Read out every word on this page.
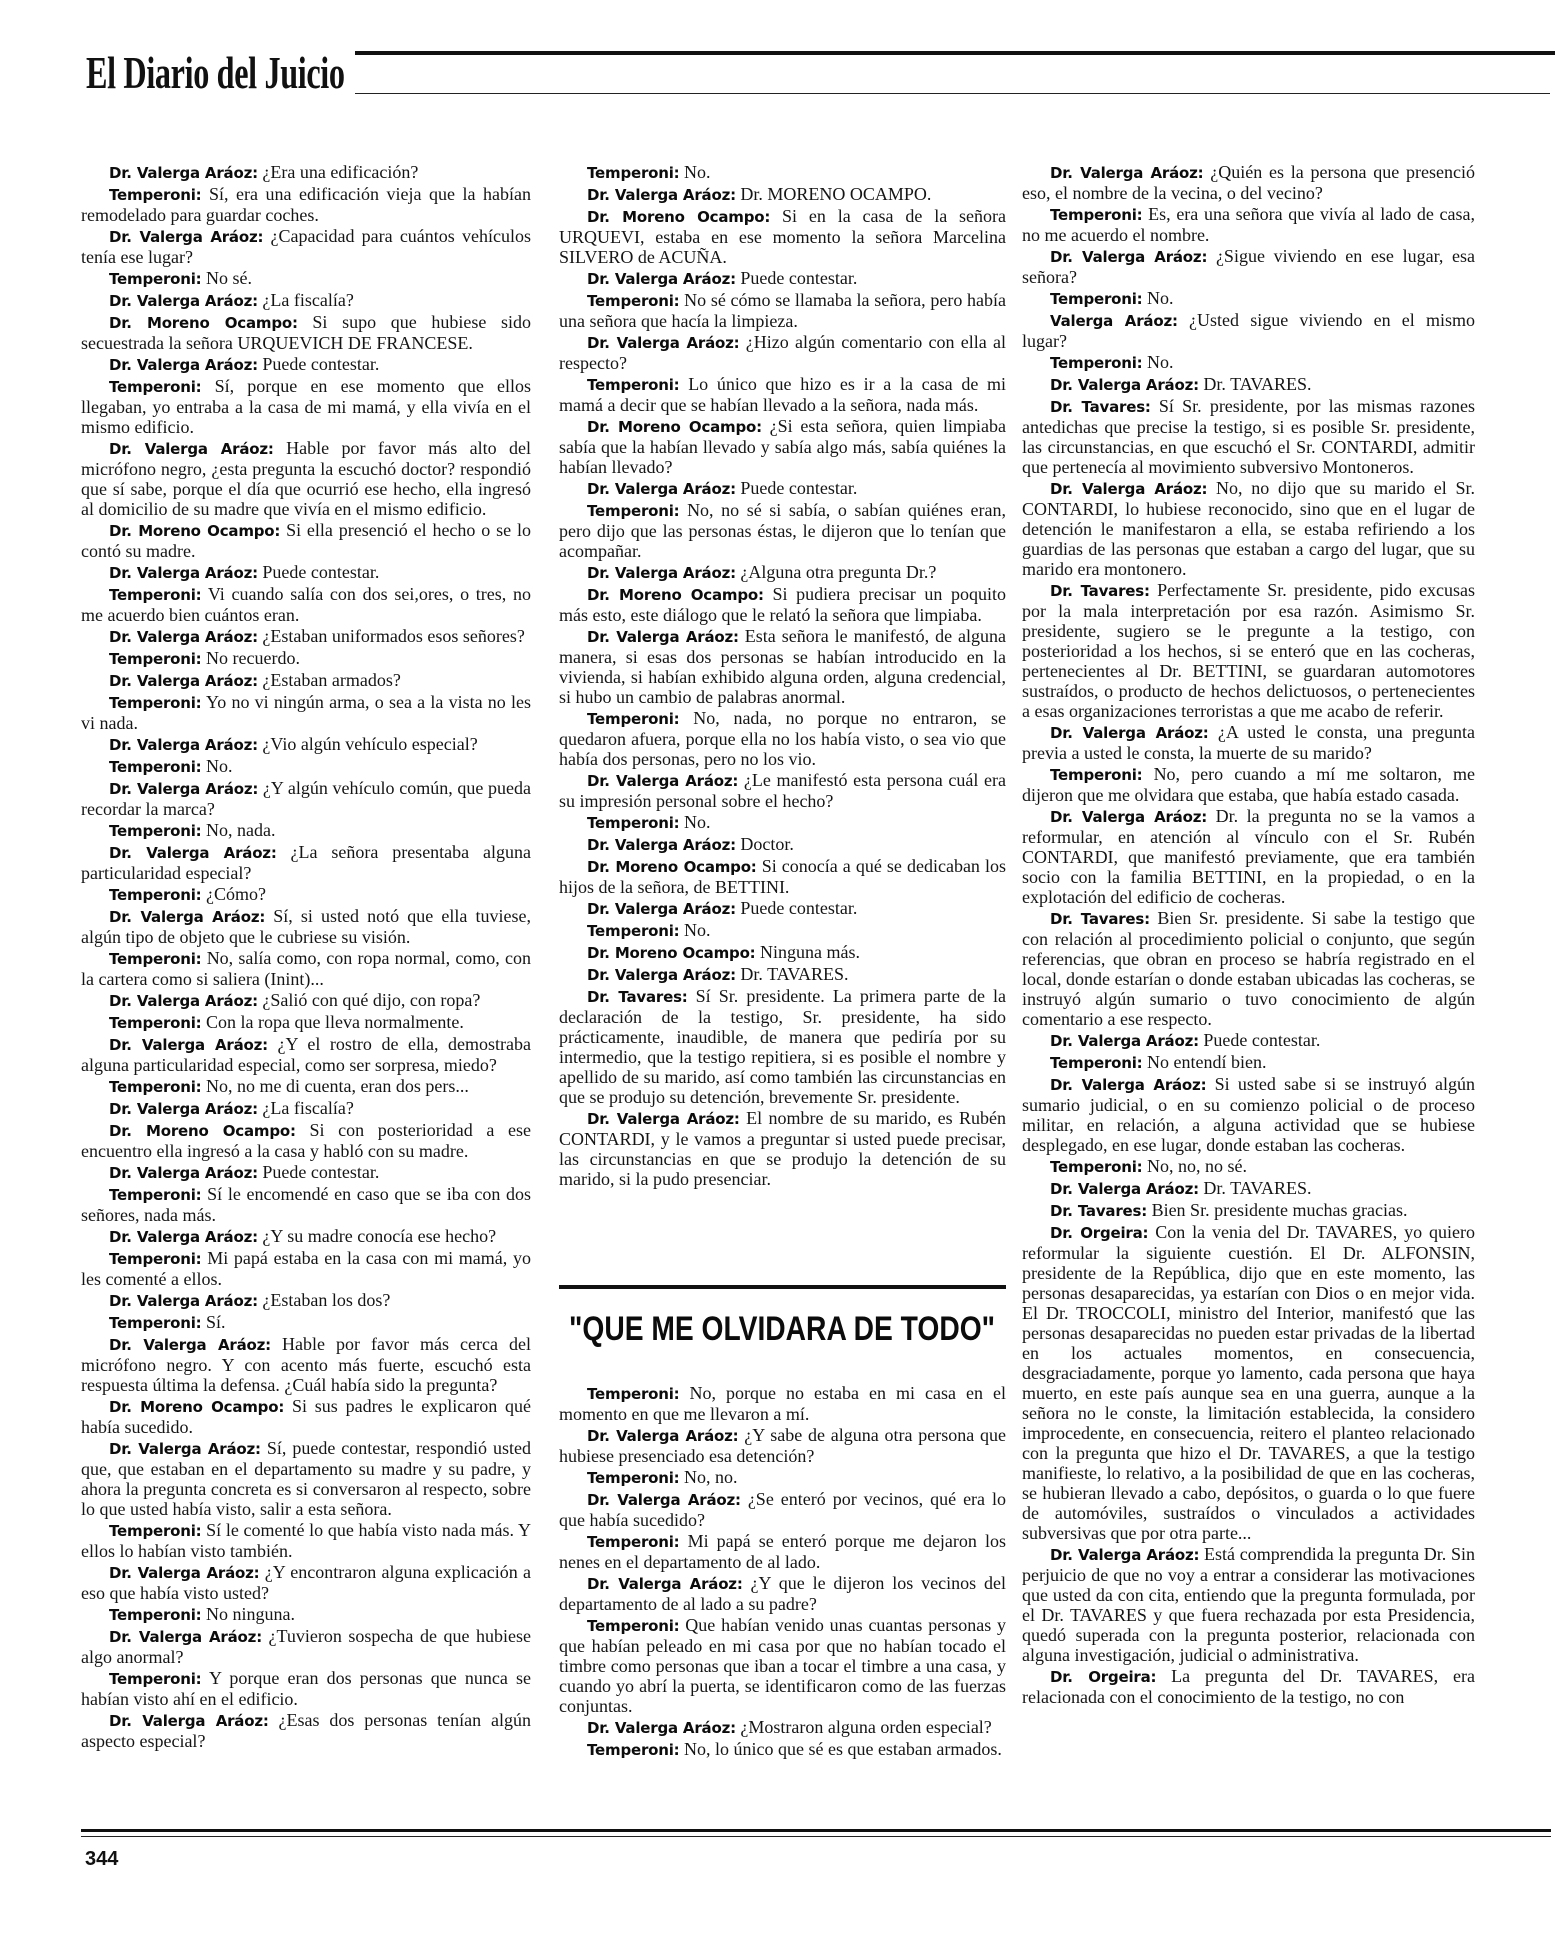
El Diario del Juicio

Dr. Valerga Aráoz: ¿Era una edificación?

Temperoni: Sí, era una edificación vieja que la habían remodelado para guardar coches.

Dr. Valerga Aráoz: ¿Capacidad para cuántos vehículos tenía ese lugar?

Temperoni: No sé.

Dr. Valerga Aráoz: ¿La fiscalía?

Dr. Moreno Ocampo: Si supo que hubiese sido secuestrada la señora URQUEVICH DE FRANCESE.

Dr. Valerga Aráoz: Puede contestar.

Temperoni: Sí, porque en ese momento que ellos llegaban, yo entraba a la casa de mi mamá, y ella vivía en el mismo edificio.

Dr. Valerga Aráoz: Hable por favor más alto del micrófono negro, ¿esta pregunta la escuchó doctor? respondió que sí sabe, porque el día que ocurrió ese hecho, ella ingresó al domicilio de su madre que vivía en el mismo edificio.

Dr. Moreno Ocampo: Si ella presenció el hecho o se lo contó su madre.

Dr. Valerga Aráoz: Puede contestar.

Temperoni: Vi cuando salía con dos sei,ores, o tres, no me acuerdo bien cuántos eran.

Dr. Valerga Aráoz: ¿Estaban uniformados esos señores?

Temperoni: No recuerdo.

Dr. Valerga Aráoz: ¿Estaban armados?

Temperoni: Yo no vi ningún arma, o sea a la vista no les vi nada.

Dr. Valerga Aráoz: ¿Vio algún vehículo especial?

Temperoni: No.

Dr. Valerga Aráoz: ¿Y algún vehículo común, que pueda recordar la marca?

Temperoni: No, nada.

Dr. Valerga Aráoz: ¿La señora presentaba alguna particularidad especial?

Temperoni: ¿Cómo?

Dr. Valerga Aráoz: Sí, si usted notó que ella tuviese, algún tipo de objeto que le cubriese su visión.

Temperoni: No, salía como, con ropa normal, como, con la cartera como si saliera (Inint)...

Dr. Valerga Aráoz: ¿Salió con qué dijo, con ropa?

Temperoni: Con la ropa que lleva normalmente.

Dr. Valerga Aráoz: ¿Y el rostro de ella, demostraba alguna particularidad especial, como ser sorpresa, miedo?

Temperoni: No, no me di cuenta, eran dos pers...

Dr. Valerga Aráoz: ¿La fiscalía?

Dr. Moreno Ocampo: Si con posterioridad a ese encuentro ella ingresó a la casa y habló con su madre.

Dr. Valerga Aráoz: Puede contestar.

Temperoni: Sí le encomendé en caso que se iba con dos señores, nada más.

Dr. Valerga Aráoz: ¿Y su madre conocía ese hecho?

Temperoni: Mi papá estaba en la casa con mi mamá, yo les comenté a ellos.

Dr. Valerga Aráoz: ¿Estaban los dos?

Temperoni: Sí.

Dr. Valerga Aráoz: Hable por favor más cerca del micrófono negro. Y con acento más fuerte, escuchó esta respuesta última la defensa. ¿Cuál había sido la pregunta?

Dr. Moreno Ocampo: Si sus padres le explicaron qué había sucedido.

Dr. Valerga Aráoz: Sí, puede contestar, respondió usted que, que estaban en el departamento su madre y su padre, y ahora la pregunta concreta es si conversaron al respecto, sobre lo que usted había visto, salir a esta señora.

Temperoni: Sí le comenté lo que había visto nada más. Y ellos lo habían visto también.

Dr. Valerga Aráoz: ¿Y encontraron alguna explicación a eso que había visto usted?

Temperoni: No ninguna.

Dr. Valerga Aráoz: ¿Tuvieron sospecha de que hubiese algo anormal?

Temperoni: Y porque eran dos personas que nunca se habían visto ahí en el edificio.

Dr. Valerga Aráoz: ¿Esas dos personas tenían algún aspecto especial?

Temperoni: No.

Dr. Valerga Aráoz: Dr. MORENO OCAMPO.

Dr. Moreno Ocampo: Si en la casa de la señora URQUEVI, estaba en ese momento la señora Marcelina SILVERO de ACUÑA.

Dr. Valerga Aráoz: Puede contestar.

Temperoni: No sé cómo se llamaba la señora, pero había una señora que hacía la limpieza.

Dr. Valerga Aráoz: ¿Hizo algún comentario con ella al respecto?

Temperoni: Lo único que hizo es ir a la casa de mi mamá a decir que se habían llevado a la señora, nada más.

Dr. Moreno Ocampo: ¿Si esta señora, quien limpiaba sabía que la habían llevado y sabía algo más, sabía quiénes la habían llevado?

Dr. Valerga Aráoz: Puede contestar.

Temperoni: No, no sé si sabía, o sabían quiénes eran, pero dijo que las personas éstas, le dijeron que lo tenían que acompañar.

Dr. Valerga Aráoz: ¿Alguna otra pregunta Dr.?

Dr. Moreno Ocampo: Si pudiera precisar un poquito más esto, este diálogo que le relató la señora que limpiaba.

Dr. Valerga Aráoz: Esta señora le manifestó, de alguna manera, si esas dos personas se habían introducido en la vivienda, si habían exhibido alguna orden, alguna credencial, si hubo un cambio de palabras anormal.

Temperoni: No, nada, no porque no entraron, se quedaron afuera, porque ella no los había visto, o sea vio que había dos personas, pero no los vio.

Dr. Valerga Aráoz: ¿Le manifestó esta persona cuál era su impresión personal sobre el hecho?

Temperoni: No.

Dr. Valerga Aráoz: Doctor.

Dr. Moreno Ocampo: Si conocía a qué se dedicaban los hijos de la señora, de BETTINI.

Dr. Valerga Aráoz: Puede contestar.

Temperoni: No.

Dr. Moreno Ocampo: Ninguna más.

Dr. Valerga Aráoz: Dr. TAVARES.

Dr. Tavares: Sí Sr. presidente. La primera parte de la declaración de la testigo, Sr. presidente, ha sido prácticamente, inaudible, de manera que pediría por su intermedio, que la testigo repitiera, si es posible el nombre y apellido de su marido, así como también las circunstancias en que se produjo su detención, brevemente Sr. presidente.

Dr. Valerga Aráoz: El nombre de su marido, es Rubén CONTARDI, y le vamos a preguntar si usted puede precisar, las circunstancias en que se produjo la detención de su marido, si la pudo presenciar.

"QUE ME OLVIDARA DE TODO"

Temperoni: No, porque no estaba en mi casa en el momento en que me llevaron a mí.

Dr. Valerga Aráoz: ¿Y sabe de alguna otra persona que hubiese presenciado esa detención?

Temperoni: No, no.

Dr. Valerga Aráoz: ¿Se enteró por vecinos, qué era lo que había sucedido?

Temperoni: Mi papá se enteró porque me dejaron los nenes en el departamento de al lado.

Dr. Valerga Aráoz: ¿Y que le dijeron los vecinos del departamento de al lado a su padre?

Temperoni: Que habían venido unas cuantas personas y que habían peleado en mi casa por que no habían tocado el timbre como personas que iban a tocar el timbre a una casa, y cuando yo abrí la puerta, se identificaron como de las fuerzas conjuntas.

Dr. Valerga Aráoz: ¿Mostraron alguna orden especial?

Temperoni: No, lo único que sé es que estaban armados.

Dr. Valerga Aráoz: ¿Quién es la persona que presenció eso, el nombre de la vecina, o del vecino?

Temperoni: Es, era una señora que vivía al lado de casa, no me acuerdo el nombre.

Dr. Valerga Aráoz: ¿Sigue viviendo en ese lugar, esa señora?

Temperoni: No.

Valerga Aráoz: ¿Usted sigue viviendo en el mismo lugar?

Temperoni: No.

Dr. Valerga Aráoz: Dr. TAVARES.

Dr. Tavares: Sí Sr. presidente, por las mismas razones antedichas que precise la testigo, si es posible Sr. presidente, las circunstancias, en que escuchó el Sr. CONTARDI, admitir que pertenecía al movimiento subversivo Montoneros.

Dr. Valerga Aráoz: No, no dijo que su marido el Sr. CONTARDI, lo hubiese reconocido, sino que en el lugar de detención le manifestaron a ella, se estaba refiriendo a los guardias de las personas que estaban a cargo del lugar, que su marido era montonero.

Dr. Tavares: Perfectamente Sr. presidente, pido excusas por la mala interpretación por esa razón. Asimismo Sr. presidente, sugiero se le pregunte a la testigo, con posterioridad a los hechos, si se enteró que en las cocheras, pertenecientes al Dr. BETTINI, se guardaran automotores sustraídos, o producto de hechos delictuosos, o pertenecientes a esas organizaciones terroristas a que me acabo de referir.

Dr. Valerga Aráoz: ¿A usted le consta, una pregunta previa a usted le consta, la muerte de su marido?

Temperoni: No, pero cuando a mí me soltaron, me dijeron que me olvidara que estaba, que había estado casada.

Dr. Valerga Aráoz: Dr. la pregunta no se la vamos a reformular, en atención al vínculo con el Sr. Rubén CONTARDI, que manifestó previamente, que era también socio con la familia BETTINI, en la propiedad, o en la explotación del edificio de cocheras.

Dr. Tavares: Bien Sr. presidente. Si sabe la testigo que con relación al procedimiento policial o conjunto, que según referencias, que obran en proceso se habría registrado en el local, donde estarían o donde estaban ubicadas las cocheras, se instruyó algún sumario o tuvo conocimiento de algún comentario a ese respecto.

Dr. Valerga Aráoz: Puede contestar.

Temperoni: No entendí bien.

Dr. Valerga Aráoz: Si usted sabe si se instruyó algún sumario judicial, o en su comienzo policial o de proceso militar, en relación, a alguna actividad que se hubiese desplegado, en ese lugar, donde estaban las cocheras.

Temperoni: No, no, no sé.

Dr. Valerga Aráoz: Dr. TAVARES.

Dr. Tavares: Bien Sr. presidente muchas gracias.

Dr. Orgeira: Con la venia del Dr. TAVARES, yo quiero reformular la siguiente cuestión. El Dr. ALFONSIN, presidente de la República, dijo que en este momento, las personas desaparecidas, ya estarían con Dios o en mejor vida. El Dr. TROCCOLI, ministro del Interior, manifestó que las personas desaparecidas no pueden estar privadas de la libertad en los actuales momentos, en consecuencia, desgraciadamente, porque yo lamento, cada persona que haya muerto, en este país aunque sea en una guerra, aunque a la señora no le conste, la limitación establecida, la considero improcedente, en consecuencia, reitero el planteo relacionado con la pregunta que hizo el Dr. TAVARES, a que la testigo manifieste, lo relativo, a la posibilidad de que en las cocheras, se hubieran llevado a cabo, depósitos, o guarda o lo que fuere de automóviles, sustraídos o vinculados a actividades subversivas que por otra parte...

Dr. Valerga Aráoz: Está comprendida la pregunta Dr. Sin perjuicio de que no voy a entrar a considerar las motivaciones que usted da con cita, entiendo que la pregunta formulada, por el Dr. TAVARES y que fuera rechazada por esta Presidencia, quedó superada con la pregunta posterior, relacionada con alguna investigación, judicial o administrativa.

Dr. Orgeira: La pregunta del Dr. TAVARES, era relacionada con el conocimiento de la testigo, no con

344
